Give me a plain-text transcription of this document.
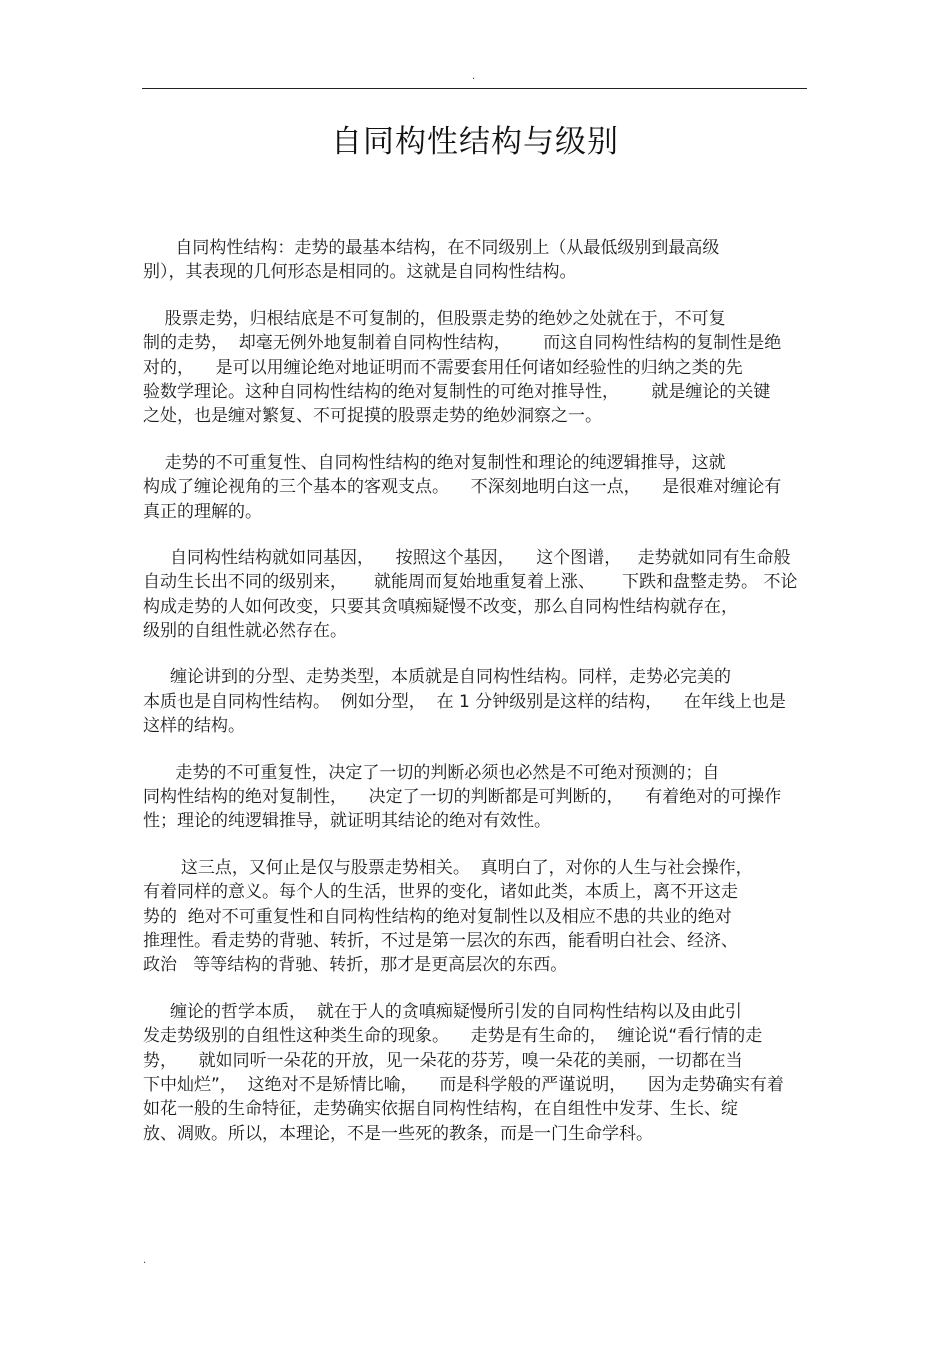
.
自同构性结构与级别
自同构性结构：走势的最基本结构，在不同级别上（从最低级别到最高级
别），其表现的几何形态是相同的。这就是自同构性结构。
股票走势，归根结底是不可复制的，但股票走势的绝妙之处就在于，不可复
制的走势，  却毫无例外地复制着自同构性结构，      而这自同构性结构的复制性是绝
对的，    是可以用缠论绝对地证明而不需要套用任何诸如经验性的归纳之类的先
验数学理论。这种自同构性结构的绝对复制性的可绝对推导性，      就是缠论的关键
之处，也是缠对繁复、不可捉摸的股票走势的绝妙洞察之一。
走势的不可重复性、自同构性结构的绝对复制性和理论的纯逻辑推导，这就
构成了缠论视角的三个基本的客观支点。    不深刻地明白这一点，    是很难对缠论有
真正的理解的。
自同构性结构就如同基因，    按照这个基因，    这个图谱，   走势就如同有生命般
自动生长出不同的级别来，     就能周而复始地重复着上涨、     下跌和盘整走势。 不论
构成走势的人如何改变，只要其贪嗔痴疑慢不改变，那么自同构性结构就存在，
级别的自组性就必然存在。
缠论讲到的分型、走势类型，本质就是自同构性结构。同样，走势必完美的
本质也是自同构性结构。  例如分型，  在 1 分钟级别是这样的结构，    在年线上也是
这样的结构。
走势的不可重复性，决定了一切的判断必须也必然是不可绝对预测的；自
同构性结构的绝对复制性，    决定了一切的判断都是可判断的，    有着绝对的可操作
性；理论的纯逻辑推导，就证明其结论的绝对有效性。
这三点，又何止是仅与股票走势相关。  真明白了，对你的人生与社会操作，
有着同样的意义。每个人的生活，世界的变化，诸如此类，本质上，离不开这走
势的  绝对不可重复性和自同构性结构的绝对复制性以及相应不患的共业的绝对
推理性。看走势的背驰、转折，不过是第一层次的东西，能看明白社会、经济、
政治   等等结构的背驰、转折，那才是更高层次的东西。
缠论的哲学本质，  就在于人的贪嗔痴疑慢所引发的自同构性结构以及由此引
发走势级别的自组性这种类生命的现象。    走势是有生命的，  缠论说“看行情的走
势，    就如同听一朵花的开放，见一朵花的芬芳，嗅一朵花的美丽，一切都在当
下中灿烂”，  这绝对不是矫情比喻，    而是科学般的严谨说明，    因为走势确实有着
如花一般的生命特征，走势确实依据自同构性结构，在自组性中发芽、生长、绽
放、凋败。所以，本理论，不是一些死的教条，而是一门生命学科。
.
